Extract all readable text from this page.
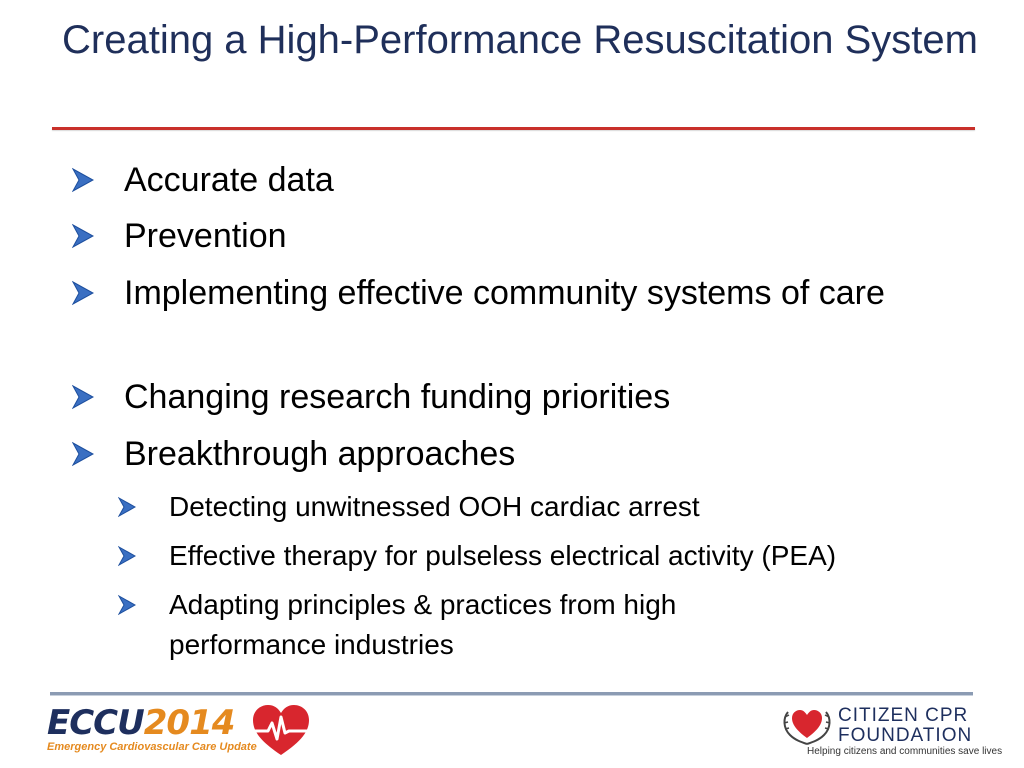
Creating a High-Performance Resuscitation System
Accurate data
Prevention
Implementing effective community systems of care
Changing research funding priorities
Breakthrough approaches
Detecting unwitnessed OOH cardiac arrest
Effective therapy for pulseless electrical activity (PEA)
Adapting principles & practices from high performance industries
ECCU2014
Emergency Cardiovascular Care Update
CITIZEN CPR
FOUNDATION
Helping citizens and communities save lives
